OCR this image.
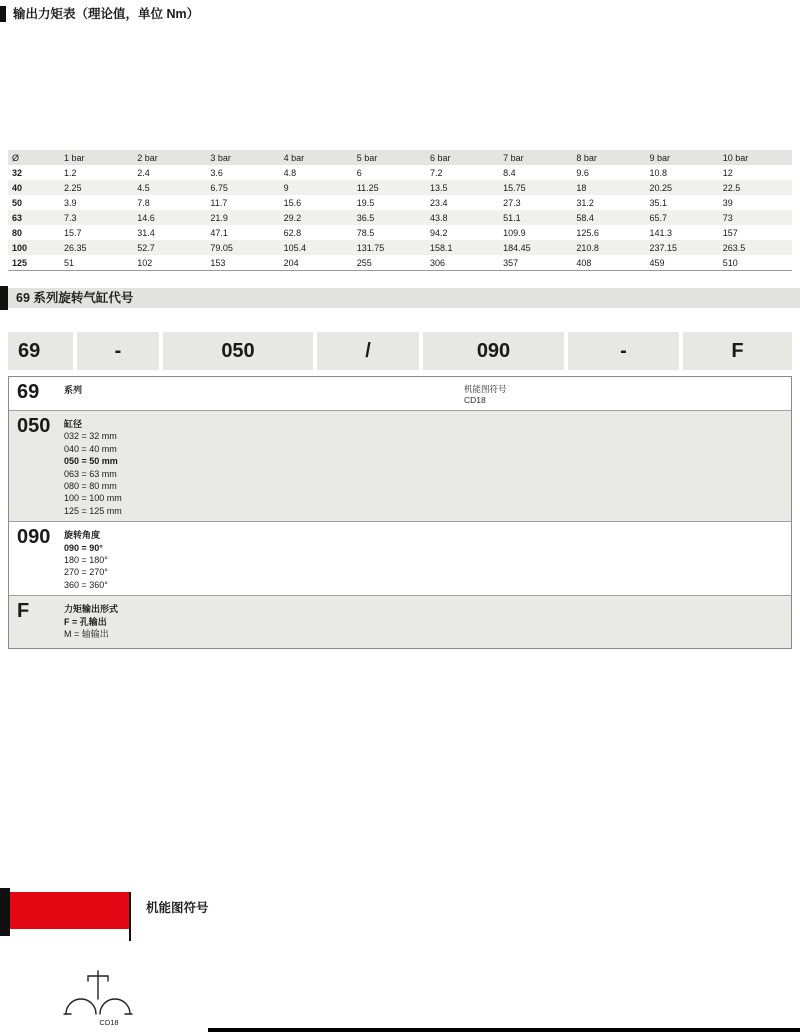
输出力矩表（理论值，单位 Nm）
Ø	1 bar	2 bar	3 bar	4 bar	5 bar	6 bar	7 bar	8 bar	9 bar	10 bar
32	1.2	2.4	3.6	4.8	6	7.2	8.4	9.6	10.8	12
40	2.25	4.5	6.75	9	11.25	13.5	15.75	18	20.25	22.5
50	3.9	7.8	11.7	15.6	19.5	23.4	27.3	31.2	35.1	39
63	7.3	14.6	21.9	29.2	36.5	43.8	51.1	58.4	65.7	73
80	15.7	31.4	47.1	62.8	78.5	94.2	109.9	125.6	141.3	157
100	26.35	52.7	79.05	105.4	131.75	158.1	184.45	210.8	237.15	263.5
125	51	102	153	204	255	306	357	408	459	510
69 系列旋转气缸代号
69	-	050	/	090	-	F
69	系列	机能图符号
CD18
050	缸径
032 = 32 mm
040 = 40 mm
050 = 50 mm
063 = 63 mm
080 = 80 mm
100 = 100 mm
125 = 125 mm
090	旋转角度
090 = 90°
180 = 180°
270 = 270°
360 = 360°
F	力矩输出形式
F = 孔输出
M = 轴输出
机能图符号
CD18
